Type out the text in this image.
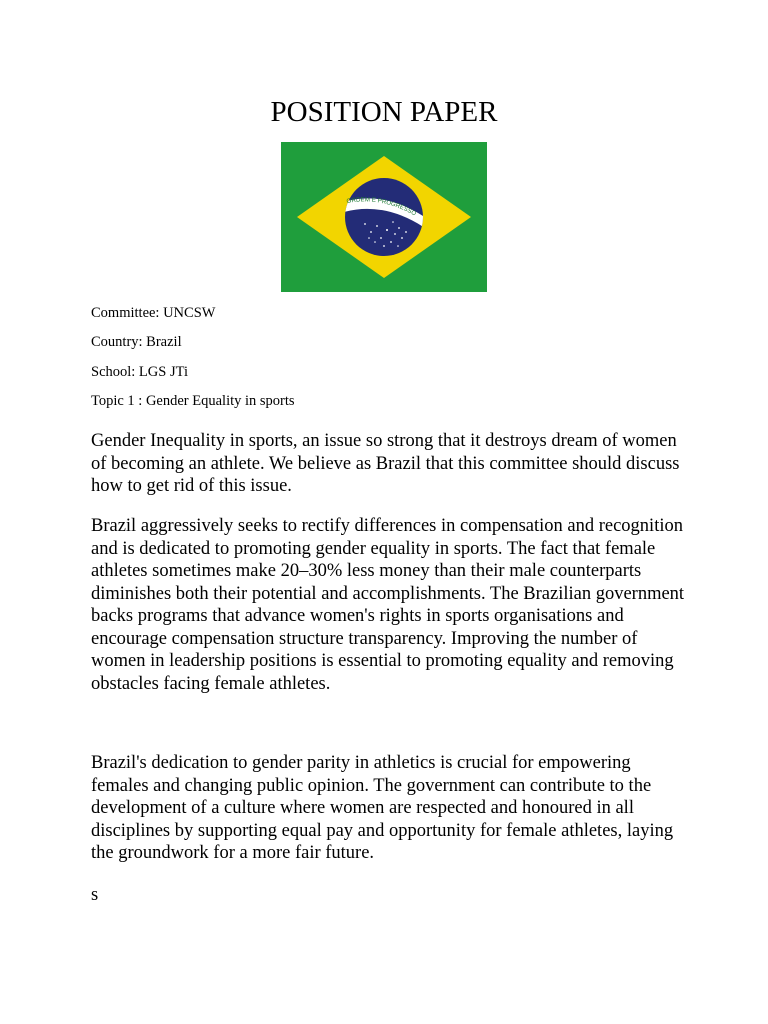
POSITION PAPER
ORDEM E PROGRESSO
Committee: UNCSW
Country: Brazil
School: LGS JTi
Topic 1 : Gender Equality in sports

Gender Inequality in sports, an issue so strong that it destroys dream of women of becoming an athlete. We believe as Brazil that this committee should discuss how to get rid of this issue.

Brazil aggressively seeks to rectify differences in compensation and recognition and is dedicated to promoting gender equality in sports. The fact that female athletes sometimes make 20–30% less money than their male counterparts diminishes both their potential and accomplishments. The Brazilian government backs programs that advance women's rights in sports organisations and encourage compensation structure transparency. Improving the number of women in leadership positions is essential to promoting equality and removing obstacles facing female athletes.

Brazil's dedication to gender parity in athletics is crucial for empowering females and changing public opinion. The government can contribute to the development of a culture where women are respected and honoured in all disciplines by supporting equal pay and opportunity for female athletes, laying the groundwork for a more fair future.

s
